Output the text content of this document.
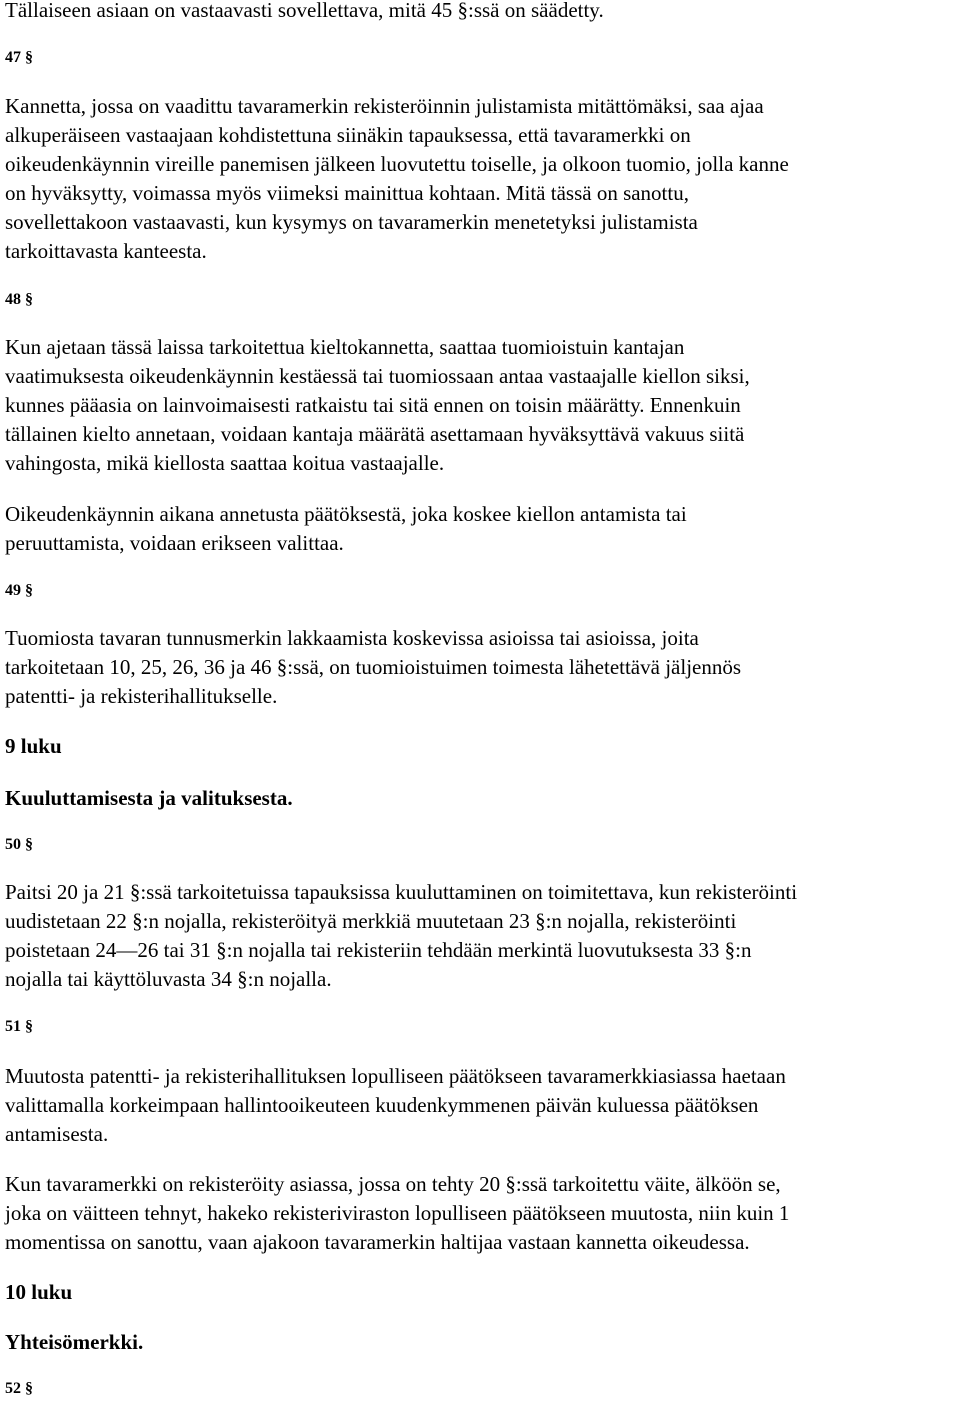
Tällaiseen asiaan on vastaavasti sovellettava, mitä 45 §:ssä on säädetty.
47 §
Kannetta, jossa on vaadittu tavaramerkin rekisteröinnin julistamista mitättömäksi, saa ajaa
alkuperäiseen vastaajaan kohdistettuna siinäkin tapauksessa, että tavaramerkki on
oikeudenkäynnin vireille panemisen jälkeen luovutettu toiselle, ja olkoon tuomio, jolla kanne
on hyväksytty, voimassa myös viimeksi mainittua kohtaan. Mitä tässä on sanottu,
sovellettakoon vastaavasti, kun kysymys on tavaramerkin menetetyksi julistamista
tarkoittavasta kanteesta.
48 §
Kun ajetaan tässä laissa tarkoitettua kieltokannetta, saattaa tuomioistuin kantajan
vaatimuksesta oikeudenkäynnin kestäessä tai tuomiossaan antaa vastaajalle kiellon siksi,
kunnes pääasia on lainvoimaisesti ratkaistu tai sitä ennen on toisin määrätty. Ennenkuin
tällainen kielto annetaan, voidaan kantaja määrätä asettamaan hyväksyttävä vakuus siitä
vahingosta, mikä kiellosta saattaa koitua vastaajalle.
Oikeudenkäynnin aikana annetusta päätöksestä, joka koskee kiellon antamista tai
peruuttamista, voidaan erikseen valittaa.
49 §
Tuomiosta tavaran tunnusmerkin lakkaamista koskevissa asioissa tai asioissa, joita
tarkoitetaan 10, 25, 26, 36 ja 46 §:ssä, on tuomioistuimen toimesta lähetettävä jäljennös
patentti- ja rekisterihallitukselle.
9 luku
Kuuluttamisesta ja valituksesta.
50 §
Paitsi 20 ja 21 §:ssä tarkoitetuissa tapauksissa kuuluttaminen on toimitettava, kun rekisteröinti
uudistetaan 22 §:n nojalla, rekisteröityä merkkiä muutetaan 23 §:n nojalla, rekisteröinti
poistetaan 24—26 tai 31 §:n nojalla tai rekisteriin tehdään merkintä luovutuksesta 33 §:n
nojalla tai käyttöluvasta 34 §:n nojalla.
51 §
Muutosta patentti- ja rekisterihallituksen lopulliseen päätökseen tavaramerkkiasiassa haetaan
valittamalla korkeimpaan hallintooikeuteen kuudenkymmenen päivän kuluessa päätöksen
antamisesta.
Kun tavaramerkki on rekisteröity asiassa, jossa on tehty 20 §:ssä tarkoitettu väite, älköön se,
joka on väitteen tehnyt, hakeko rekisteriviraston lopulliseen päätökseen muutosta, niin kuin 1
momentissa on sanottu, vaan ajakoon tavaramerkin haltijaa vastaan kannetta oikeudessa.
10 luku
Yhteisömerkki.
52 §
